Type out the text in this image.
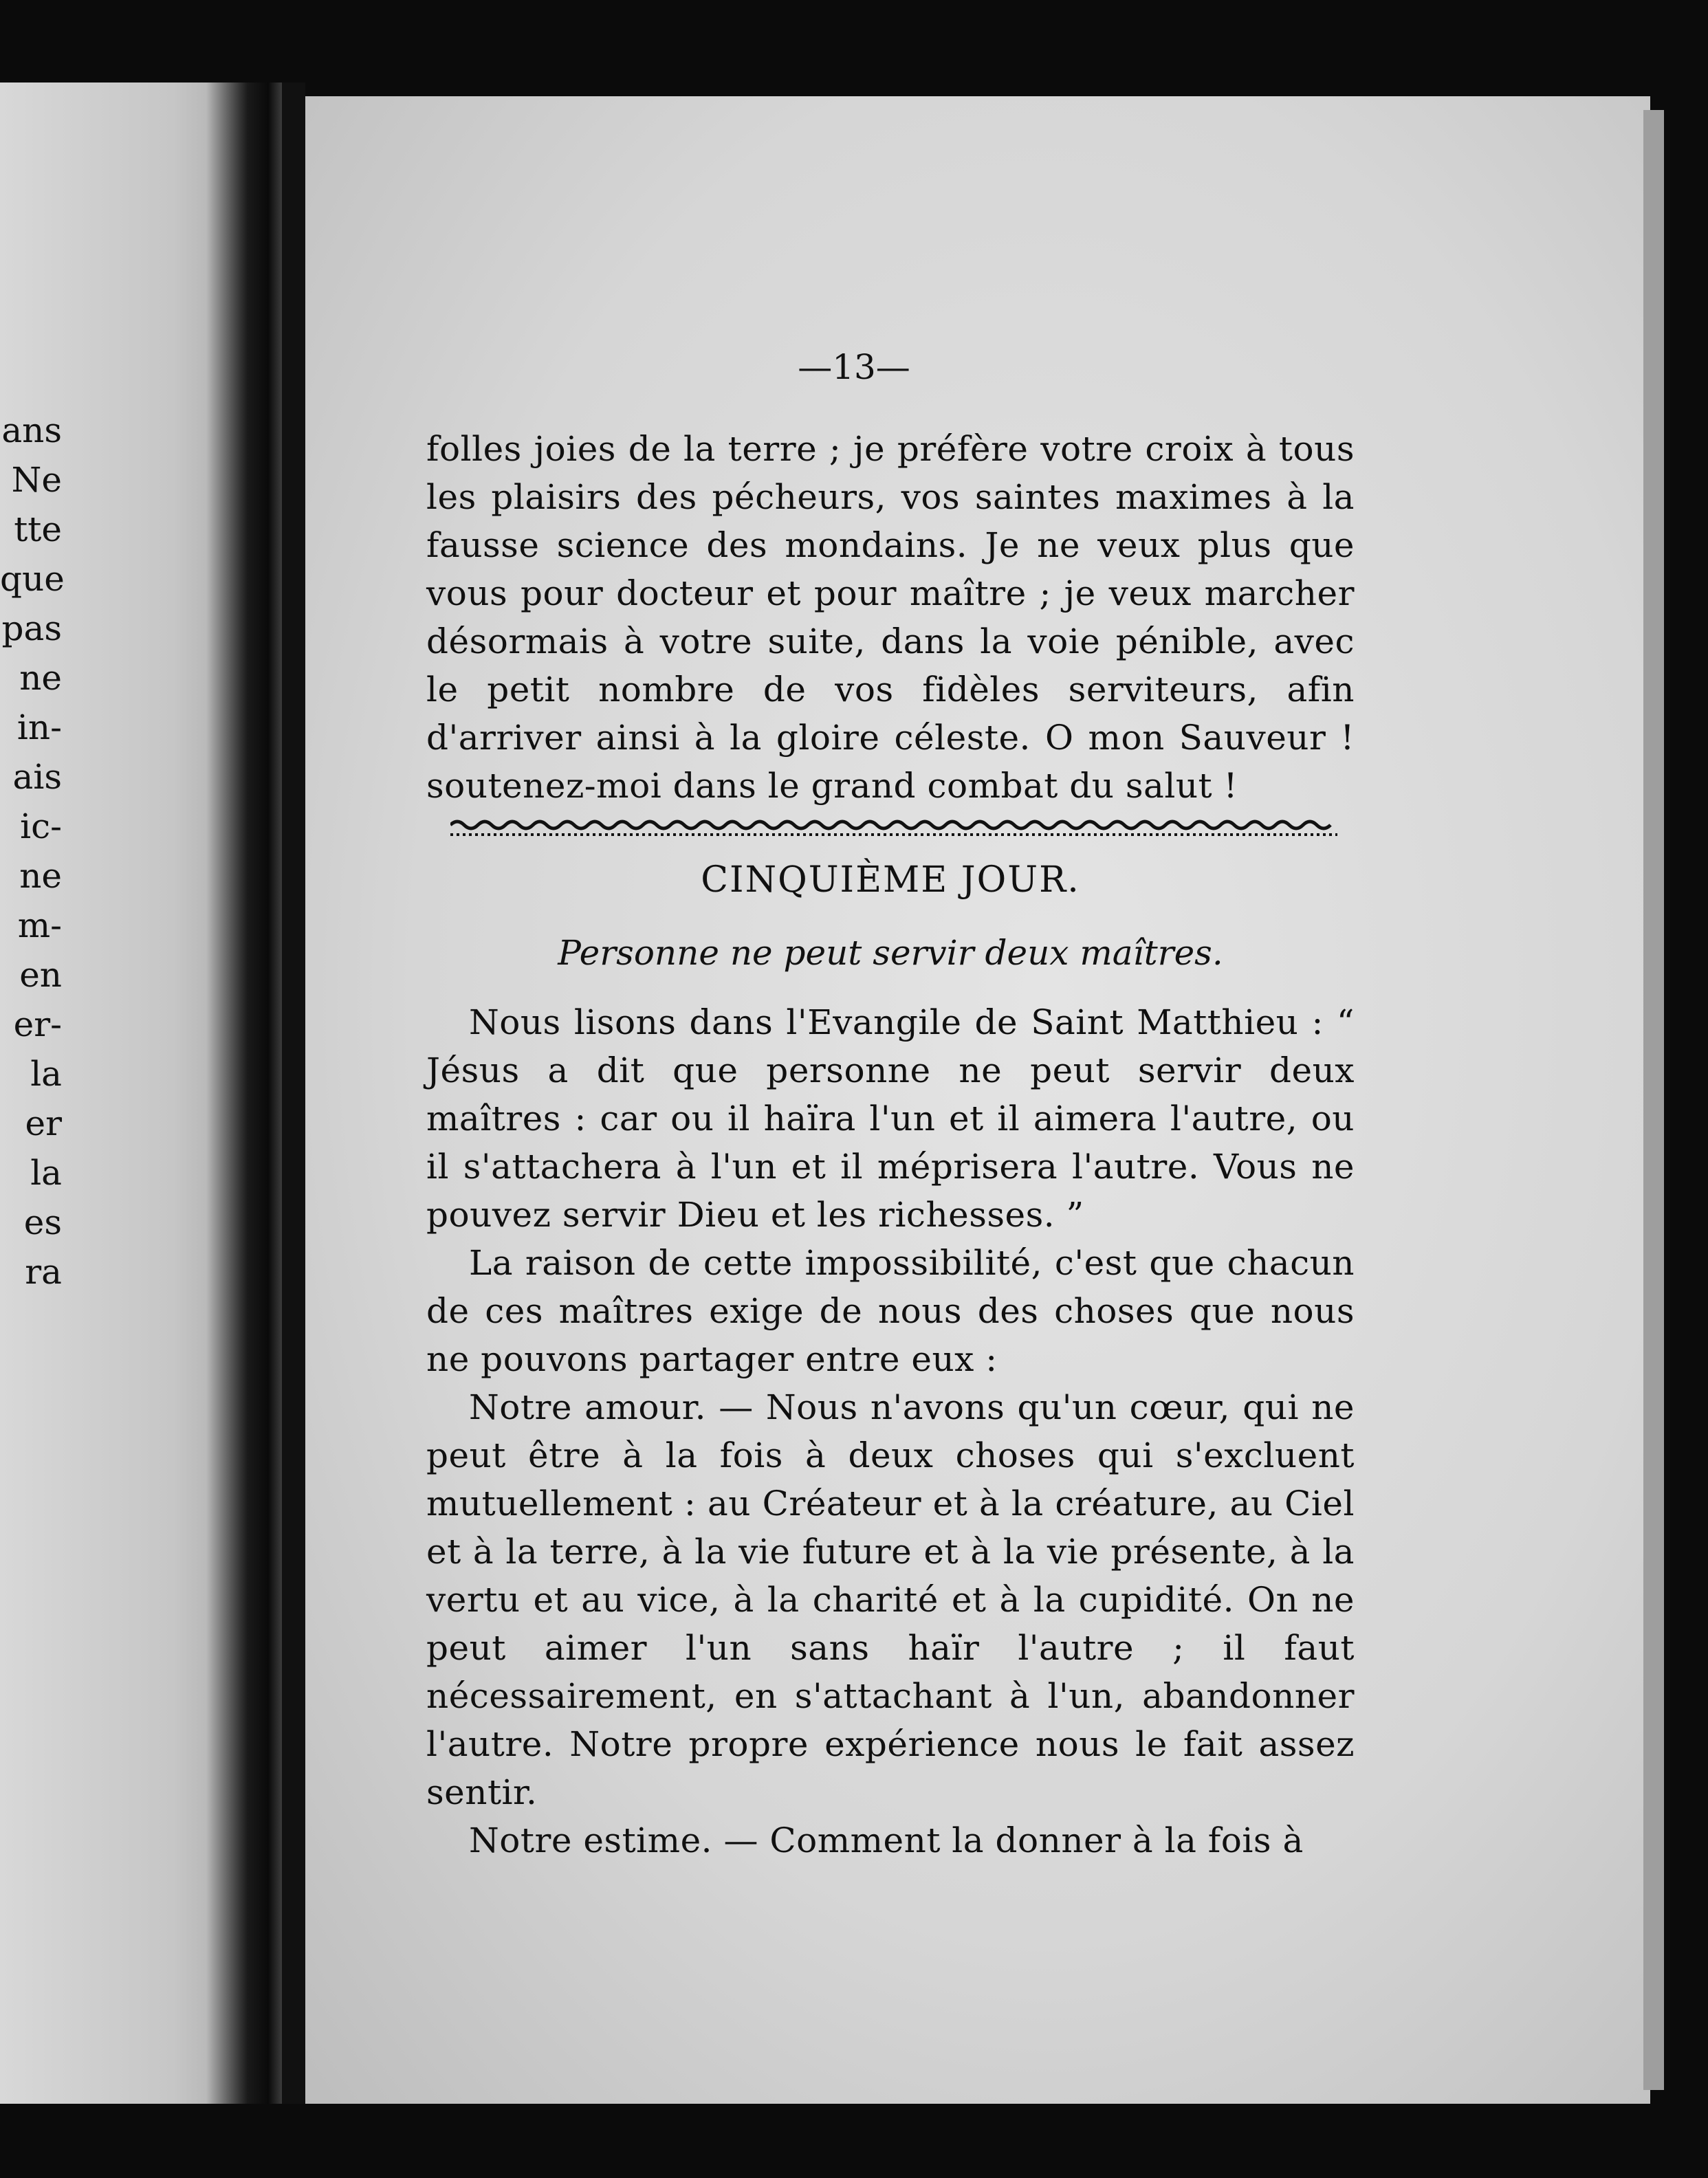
ans
Ne
tte
que
pas
ne
in-
ais
ic-
ne
m-
en
er-
la
er
la
es
ra
—13—

folles joies de la terre ; je préfère votre croix à tous les plaisirs des pécheurs, vos saintes maximes à la fausse science des mondains. Je ne veux plus que vous pour docteur et pour maître ; je veux marcher désormais à votre suite, dans la voie pénible, avec le petit nombre de vos fidèles serviteurs, afin d'arriver ainsi à la gloire céleste. O mon Sauveur ! soutenez-moi dans le grand combat du salut !

CINQUIÈME JOUR.
Personne ne peut servir deux maîtres.

Nous lisons dans l'Evangile de Saint Matthieu : “ Jésus a dit que personne ne peut servir deux maîtres : car ou il haïra l'un et il aimera l'autre, ou il s'attachera à l'un et il méprisera l'autre. Vous ne pouvez servir Dieu et les richesses. ”

La raison de cette impossibilité, c'est que chacun de ces maîtres exige de nous des choses que nous ne pouvons partager entre eux :

Notre amour. — Nous n'avons qu'un cœur, qui ne peut être à la fois à deux choses qui s'excluent mutuellement : au Créateur et à la créature, au Ciel et à la terre, à la vie future et à la vie présente, à la vertu et au vice, à la charité et à la cupidité. On ne peut aimer l'un sans haïr l'autre ; il faut nécessairement, en s'attachant à l'un, abandonner l'autre. Notre propre expérience nous le fait assez sentir.

Notre estime. — Comment la donner à la fois à
